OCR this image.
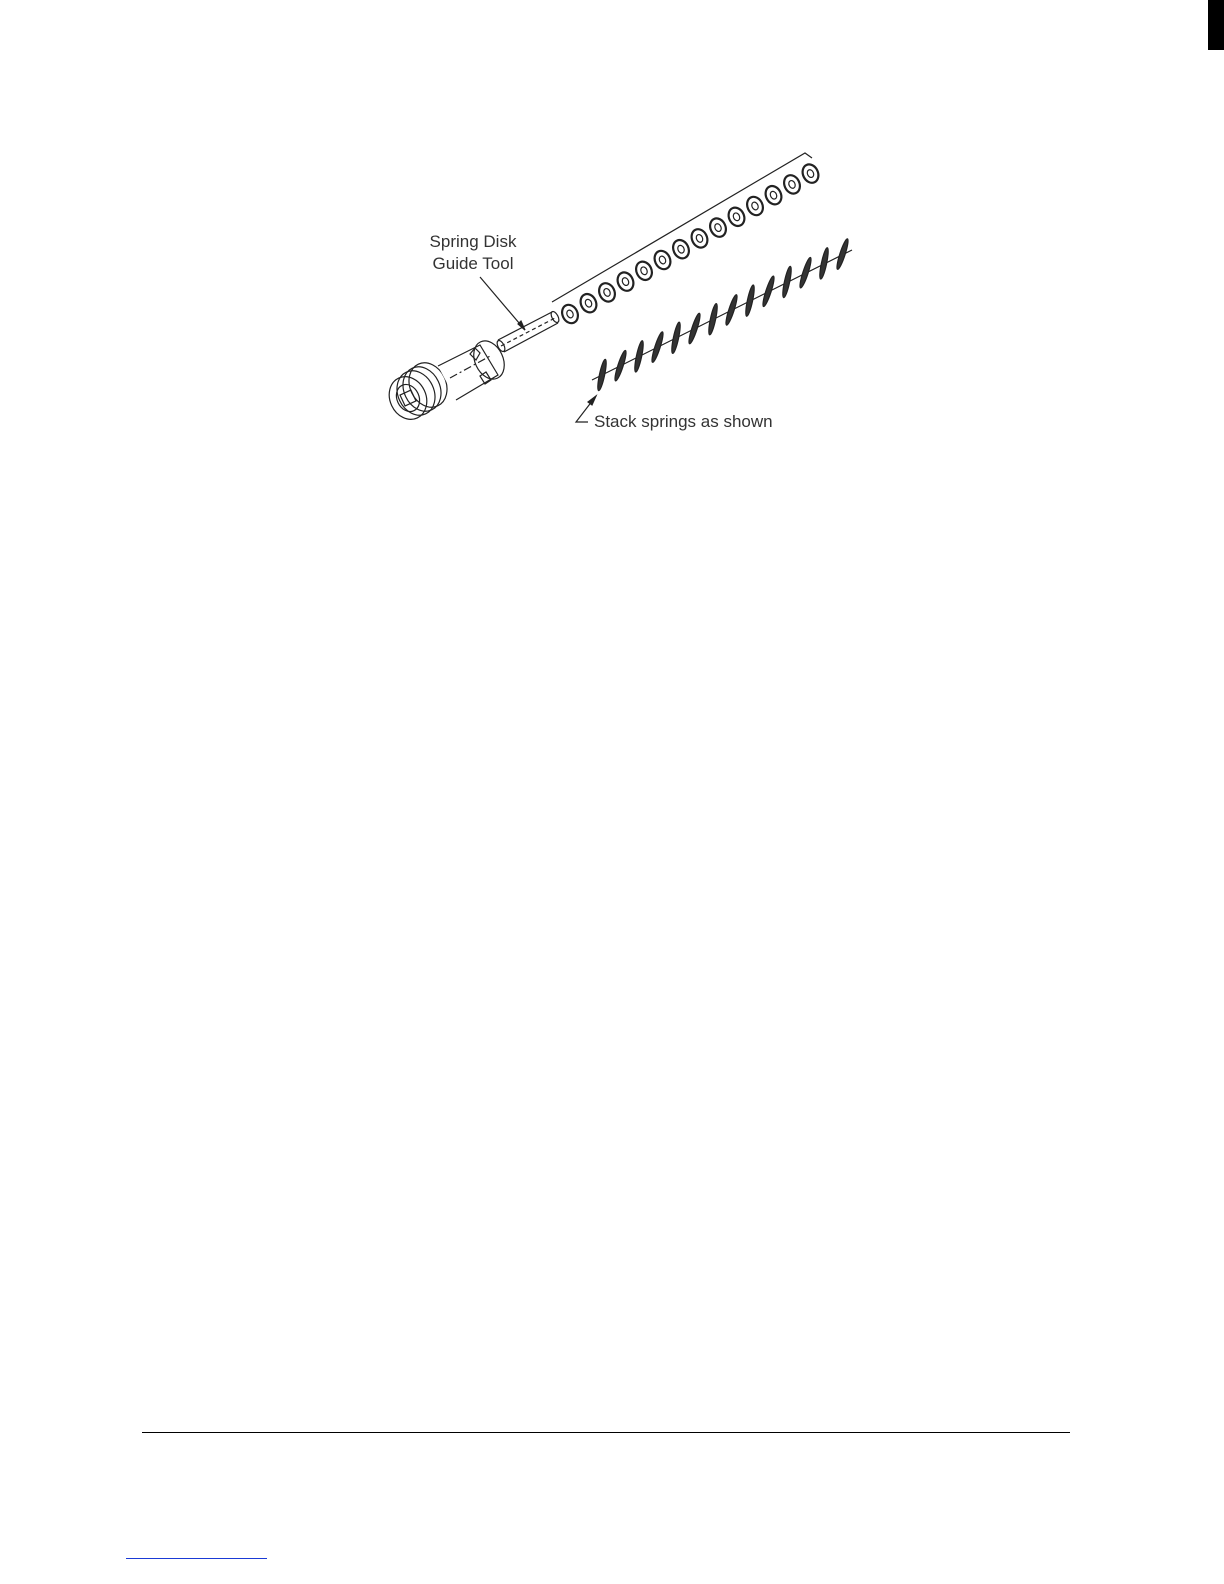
Spring Disk
Guide Tool
Stack springs as shown
